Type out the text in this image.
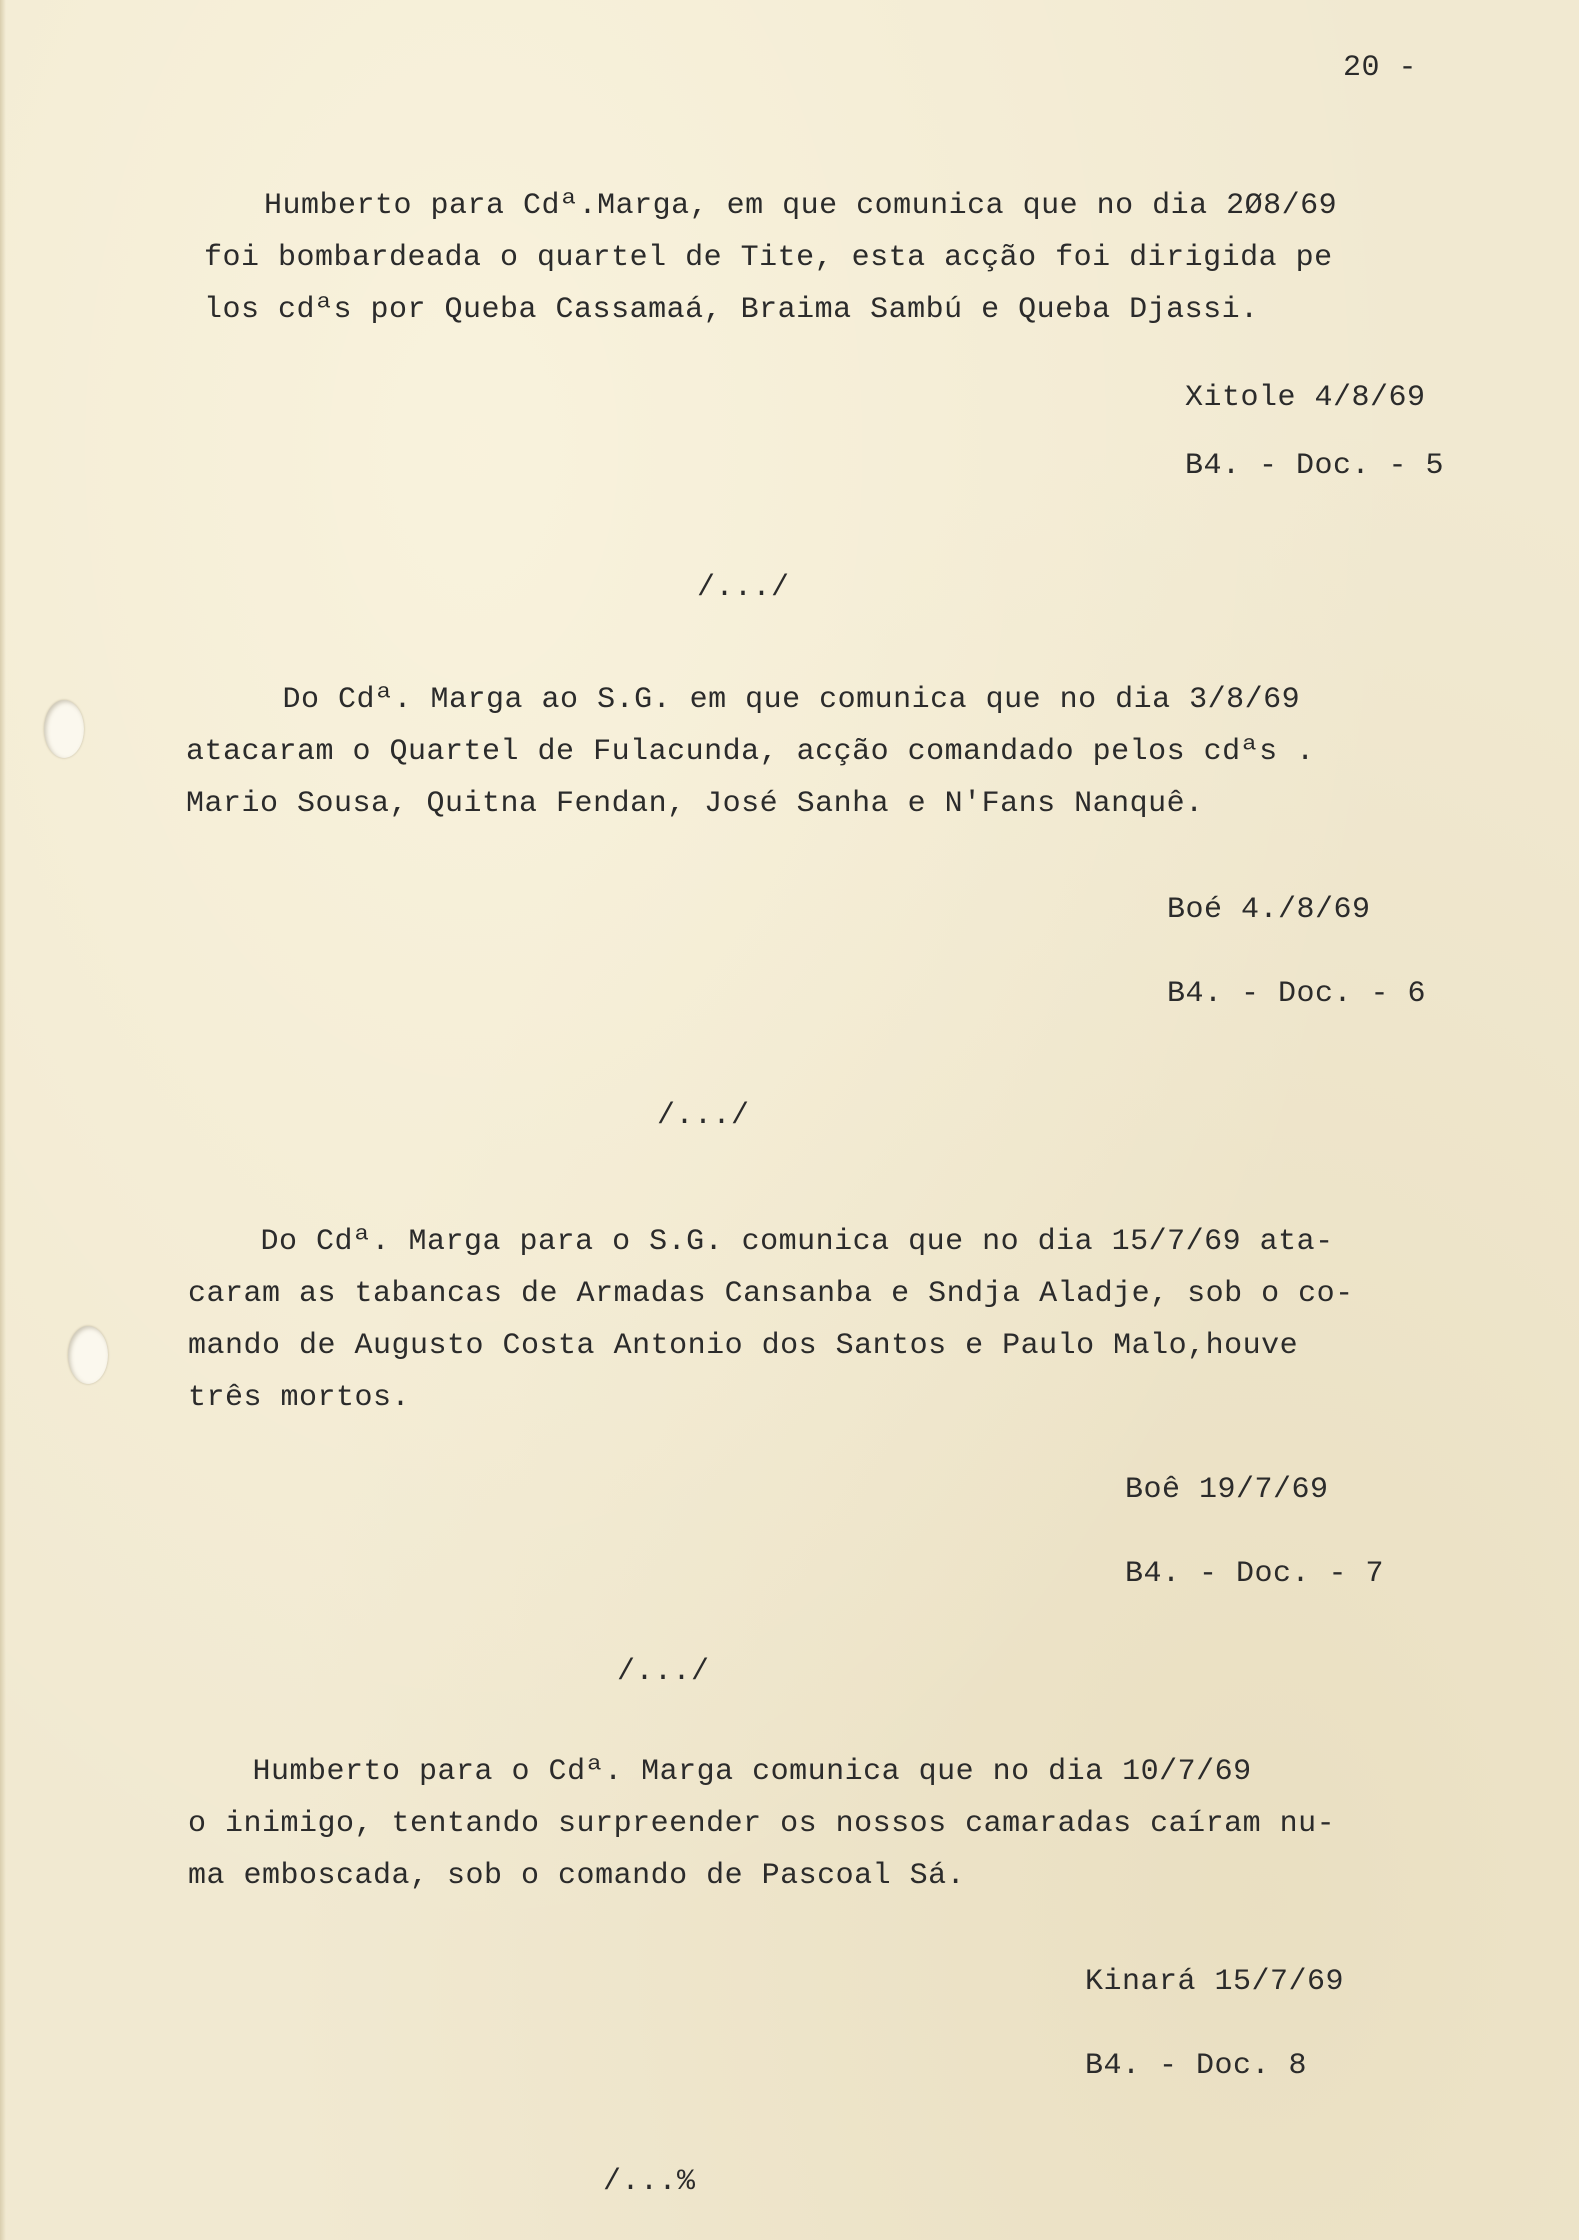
20 -

Humberto para Cdª.Marga, em que comunica que no dia 2Ø8/69

foi bombardeada o quartel de Tite, esta acção foi dirigida pe

los cdªs por Queba Cassamaá, Braima Sambú e Queba Djassi.

Xitole 4/8/69
B4. - Doc. - 5
/.../

Do Cdª. Marga ao S.G. em que comunica que no dia 3/8/69

atacaram o Quartel de Fulacunda, acção comandado pelos cdªs .

Mario Sousa, Quitna Fendan, José Sanha e N'Fans Nanquê.

Boé 4./8/69
B4. - Doc. - 6
/.../

Do Cdª. Marga para o S.G. comunica que no dia 15/7/69 ata-

caram as tabancas de Armadas Cansanba e Sndja Aladje, sob o co-

mando de Augusto Costa Antonio dos Santos e Paulo Malo,houve

três mortos.

Boê 19/7/69
B4. - Doc. - 7
/.../

Humberto para o Cdª. Marga comunica que no dia 10/7/69

o inimigo, tentando surpreender os nossos camaradas caíram nu-

ma emboscada, sob o comando de Pascoal Sá.

Kinará 15/7/69
B4. - Doc. 8
/...%
